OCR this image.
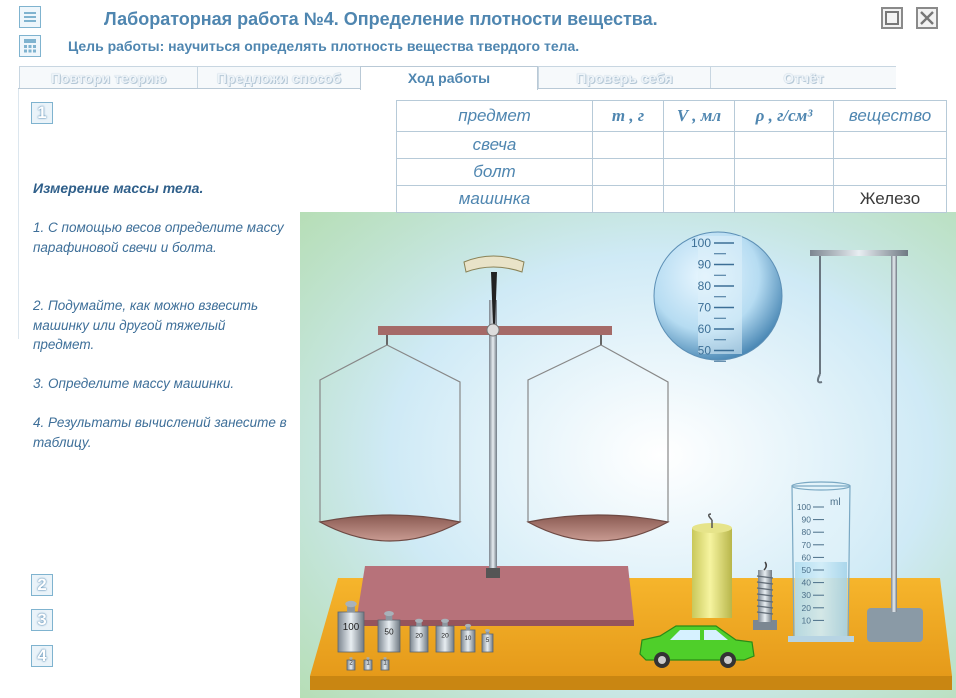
Лабораторная работа №4. Определение плотности вещества.
Цель работы: научиться определять плотность вещества твердого тела.
Повтори теорию	Предложи способ	Ход работы	Проверь себя	Отчёт
1
2
3
4
Измерение массы тела.
1. С помощью весов определите массу парафиновой свечи и болта.
2. Подумайте, как можно взвесить машинку или другой тяжелый предмет.
3. Определите массу машинки.
4. Результаты вычислений занесите в таблицу.
100
90
80
70
60
50
ml
100
90
80
70
60
50
40
30
20
10
100	50	20	20	10 5
2 1 1
предмет	m , г	V , мл	ρ , г/см³	вещество
свеча				
болт				
машинка				Железо
